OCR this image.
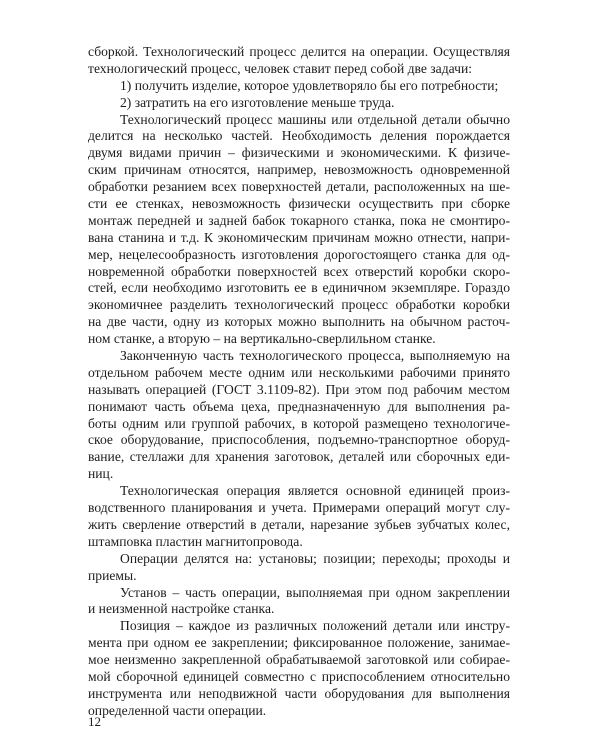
сборкой. Технологический процесс делится на операции. Осуществляя
технологический процесс, человек ставит перед собой две задачи:
1) получить изделие, которое удовлетворяло бы его потребности;
2) затратить на его изготовление меньше труда.
Технологический процесс машины или отдельной детали обычно
делится на несколько частей. Необходимость деления порождается
двумя видами причин – физическими и экономическими. К физиче-
ским причинам относятся, например, невозможность одновременной
обработки резанием всех поверхностей детали, расположенных на ше-
сти ее стенках, невозможность физически осуществить при сборке
монтаж передней и задней бабок токарного станка, пока не смонтиро-
вана станина и т.д. К экономическим причинам можно отнести, напри-
мер, нецелесообразность изготовления дорогостоящего станка для од-
новременной обработки поверхностей всех отверстий коробки скоро-
стей, если необходимо изготовить ее в единичном экземпляре. Гораздо
экономичнее разделить технологический процесс обработки коробки
на две части, одну из которых можно выполнить на обычном расточ-
ном станке, а вторую – на вертикально-сверлильном станке.
Законченную часть технологического процесса, выполняемую на
отдельном рабочем месте одним или несколькими рабочими принято
называть операцией (ГОСТ 3.1109-82). При этом под рабочим местом
понимают часть объема цеха, предназначенную для выполнения ра-
боты одним или группой рабочих, в которой размещено технологиче-
ское оборудование, приспособления, подъемно-транспортное оборуд-
вание, стеллажи для хранения заготовок, деталей или сборочных еди-
ниц.
Технологическая операция является основной единицей произ-
водственного планирования и учета. Примерами операций могут слу-
жить сверление отверстий в детали, нарезание зубьев зубчатых колес,
штамповка пластин магнитопровода.
Операции делятся на: установы; позиции; переходы; проходы и
приемы.
Установ – часть операции, выполняемая при одном закреплении
и неизменной настройке станка.
Позиция – каждое из различных положений детали или инстру-
мента при одном ее закреплении; фиксированное положение, занимае-
мое неизменно закрепленной обрабатываемой заготовкой или собирае-
мой сборочной единицей совместно с приспособлением относительно
инструмента или неподвижной части оборудования для выполнения
определенной части операции.
12
